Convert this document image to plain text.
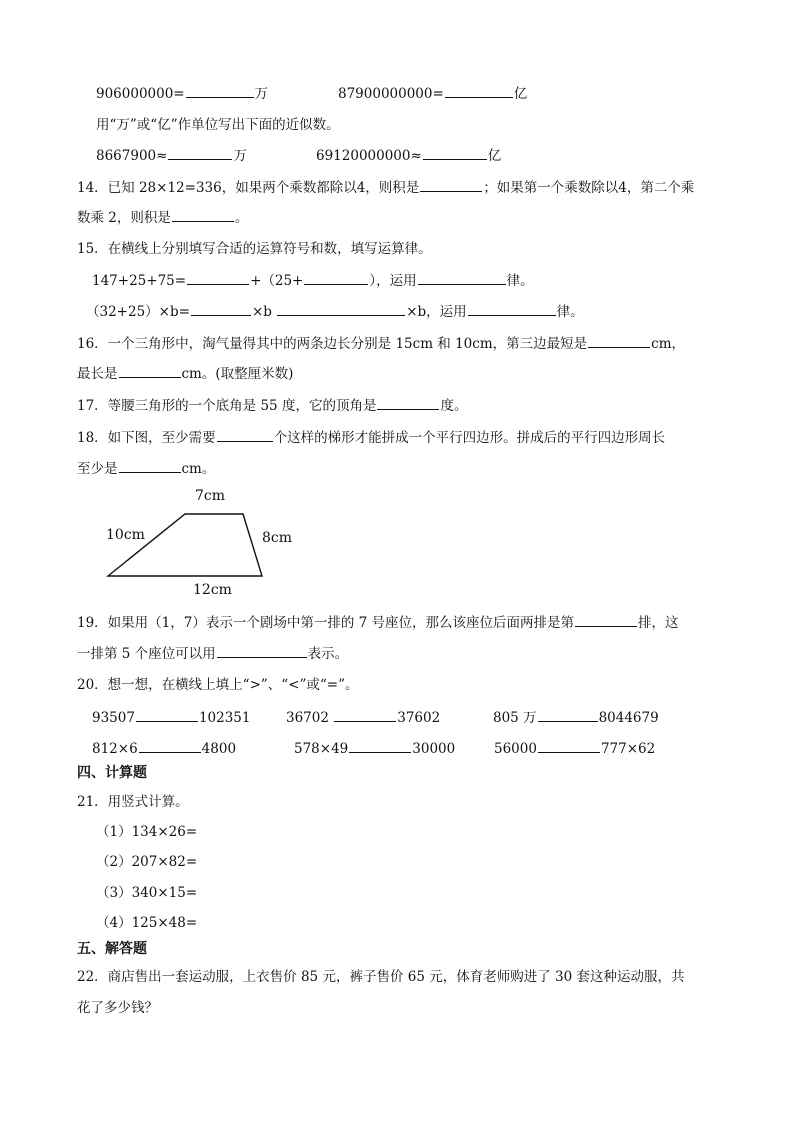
906000000=	万	87900000000=	亿
用“万”或“亿”作单位写出下面的近似数。
8667900≈	万	69120000000≈	亿
14．已知 28×12=336，如果两个乘数都除以4，则积是	；如果第一个乘数除以4，第二个乘
数乘 2，则积是	。
15．在横线上分别填写合适的运算符号和数，填写运算律。
147+25+75=	+（25+	），运用	律。
（32+25）×b=	×b	×b，运用	律。
16．一个三角形中，淘气量得其中的两条边长分别是 15cm 和 10cm，第三边最短是	cm，
最长是	cm。(取整厘米数)
17．等腰三角形的一个底角是 55 度，它的顶角是	度。
18．如下图，至少需要	个这样的梯形才能拼成一个平行四边形。拼成后的平行四边形周长
至少是	cm。
7cm
10cm	8cm
12cm
19．如果用（1，7）表示一个剧场中第一排的 7 号座位，那么该座位后面两排是第	排，这
一排第 5 个座位可以用	表示。
20．想一想，在横线上填上“>”、“<”或“=”。
93507	102351	36702	37602	805 万	8044679
812×6	4800	578×49	30000	56000	777×62
四、计算题
21．用竖式计算。
（1）134×26=
（2）207×82=
（3）340×15=
（4）125×48=
五、解答题
22．商店售出一套运动服，上衣售价 85 元，裤子售价 65 元，体育老师购进了 30 套这种运动服，共
花了多少钱？
